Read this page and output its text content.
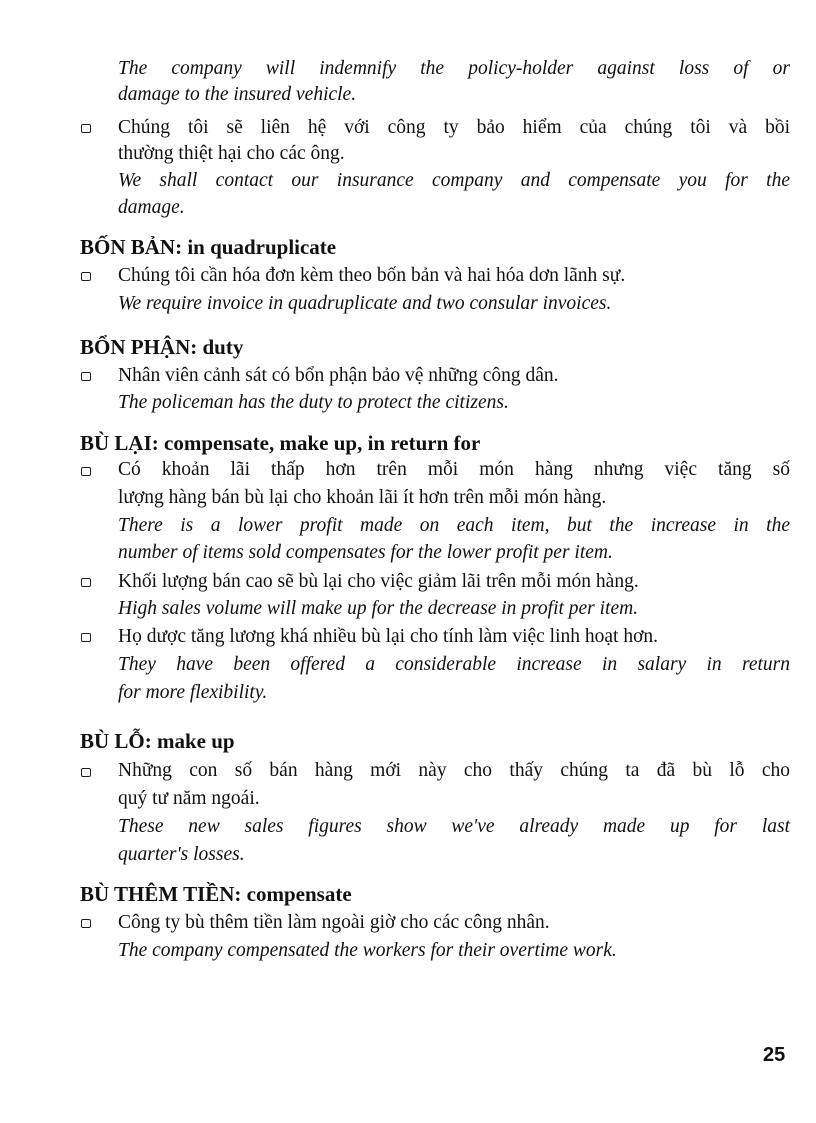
The company will indemnify the policy-holder against loss of or
damage to the insured vehicle.
Chúng tôi sẽ liên hệ với công ty bảo hiểm của chúng tôi và bồi
thường thiệt hại cho các ông.
We shall contact our insurance company and compensate you for the
damage.
BỐN BẢN: in quadruplicate
Chúng tôi cần hóa đơn kèm theo bốn bản và hai hóa dơn lãnh sự.
We require invoice in quadruplicate and two consular invoices.
BỔN PHẬN: duty
Nhân viên cảnh sát có bổn phận bảo vệ những công dân.
The policeman has the duty to protect the citizens.
BÙ LẠI: compensate, make up, in return for
Có khoản lãi thấp hơn trên mỗi món hàng nhưng việc tăng số
lượng hàng bán bù lại cho khoản lãi ít hơn trên mỗi món hàng.
There is a lower profit made on each item, but the increase in the
number of items sold compensates for the lower profit per item.
Khối lượng bán cao sẽ bù lại cho việc giảm lãi trên mỗi món hàng.
High sales volume will make up for the decrease in profit per item.
Họ dược tăng lương khá nhiều bù lại cho tính làm việc linh hoạt hơn.
They have been offered a considerable increase in salary in return
for more flexibility.
BÙ LỖ: make up
Những con số bán hàng mới này cho thấy chúng ta đã bù lỗ cho
quý tư năm ngoái.
These new sales figures show we've already made up for last
quarter's losses.
BÙ THÊM TIỀN: compensate
Công ty bù thêm tiền làm ngoài giờ cho các công nhân.
The company compensated the workers for their overtime work.
25
